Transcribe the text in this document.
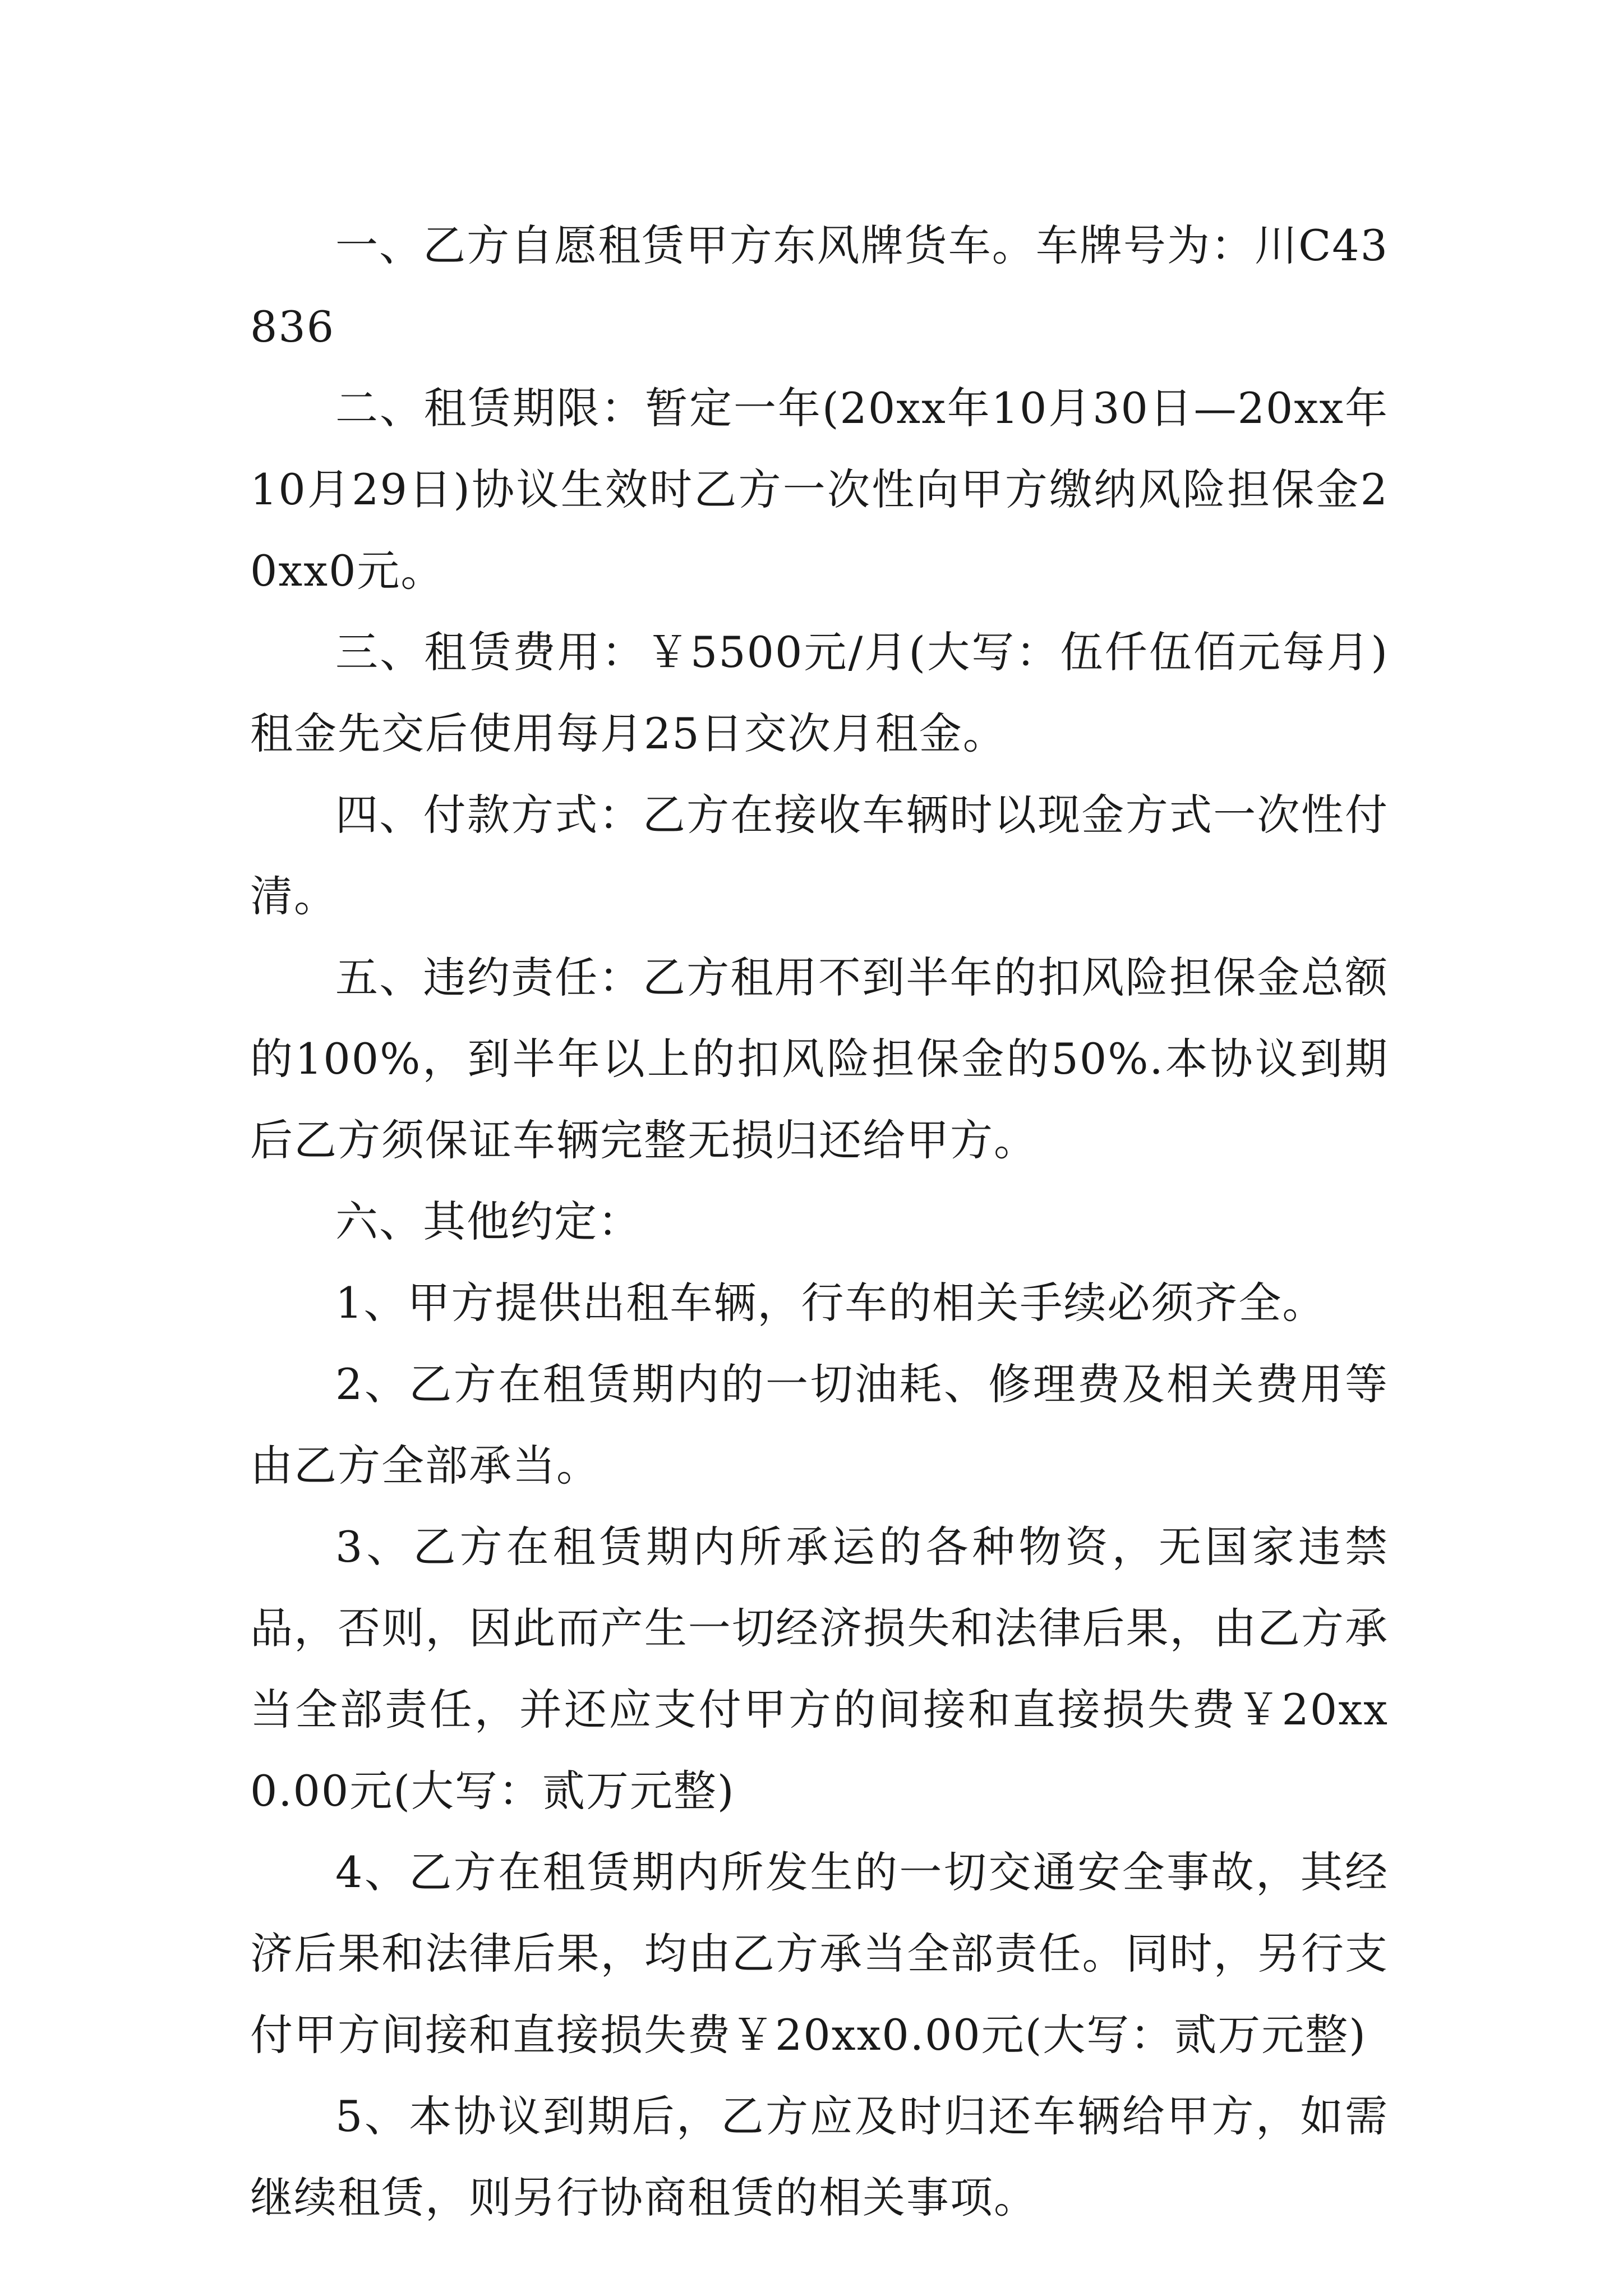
一、乙方自愿租赁甲方东风牌货车。车牌号为：川C43836

二、租赁期限：暂定一年(20xx年10月30日—20xx年10月29日)协议生效时乙方一次性向甲方缴纳风险担保金20xx0元。

三、租赁费用：￥5500元/月(大写：伍仟伍佰元每月)租金先交后使用每月25日交次月租金。

四、付款方式：乙方在接收车辆时以现金方式一次性付清。

五、违约责任：乙方租用不到半年的扣风险担保金总额的100%，到半年以上的扣风险担保金的50%.本协议到期后乙方须保证车辆完整无损归还给甲方。

六、其他约定：

1、甲方提供出租车辆，行车的相关手续必须齐全。

2、乙方在租赁期内的一切油耗、修理费及相关费用等由乙方全部承当。

3、乙方在租赁期内所承运的各种物资，无国家违禁品，否则，因此而产生一切经济损失和法律后果，由乙方承当全部责任，并还应支付甲方的间接和直接损失费￥20xx0.00元(大写：贰万元整)

4、乙方在租赁期内所发生的一切交通安全事故，其经济后果和法律后果，均由乙方承当全部责任。同时，另行支付甲方间接和直接损失费￥20xx0.00元(大写：贰万元整)

5、本协议到期后，乙方应及时归还车辆给甲方，如需继续租赁，则另行协商租赁的相关事项。
